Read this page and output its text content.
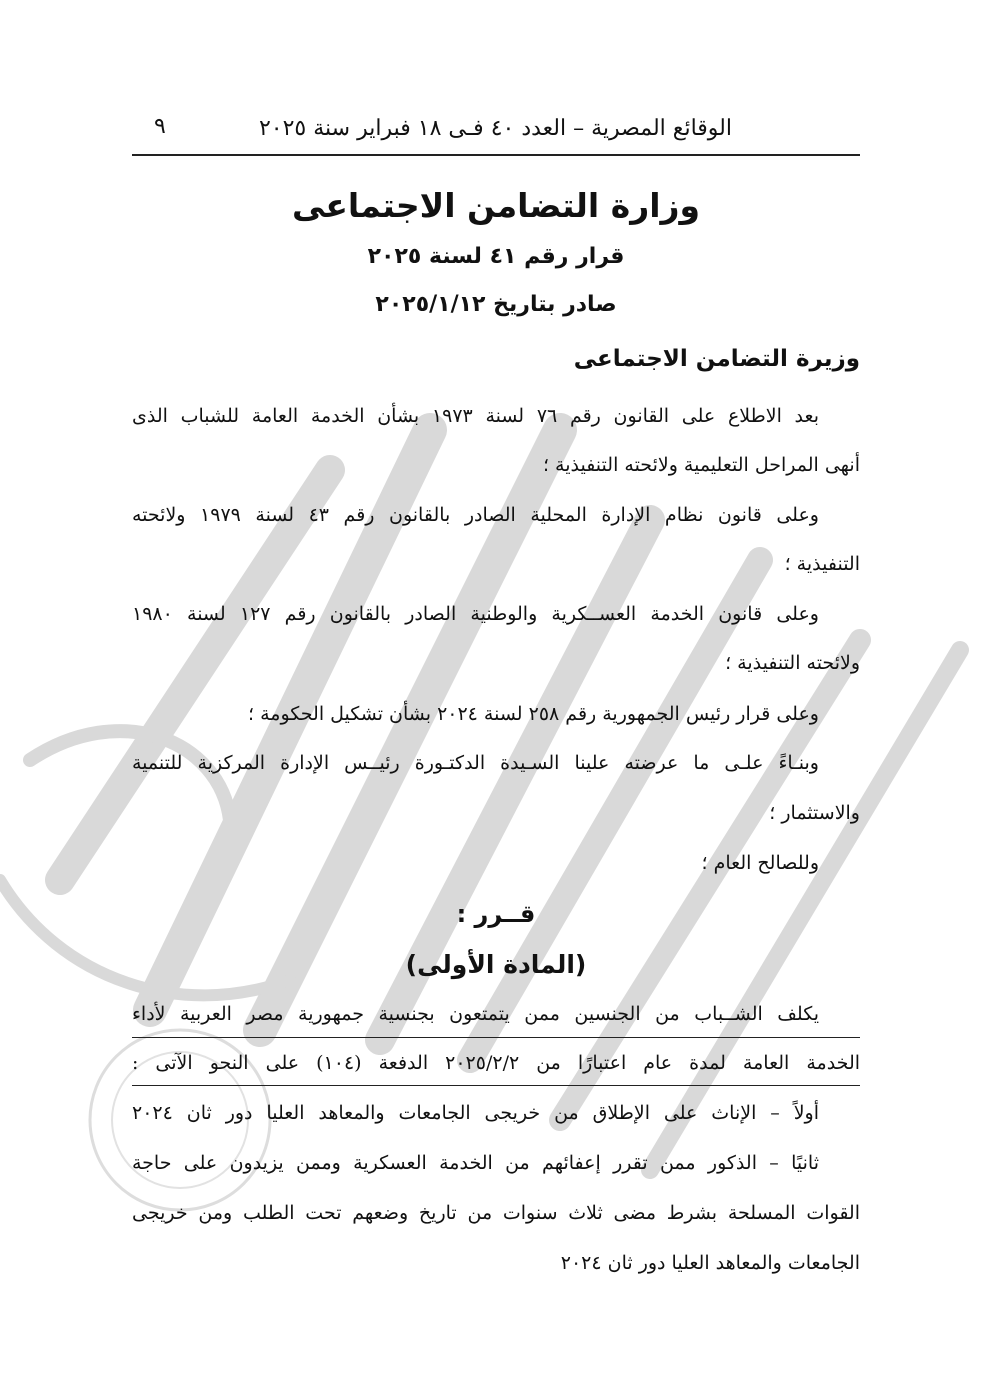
الوقائع المصرية – العدد ٤٠ فـى ١٨ فبراير سنة ٢٠٢٥
٩
وزارة التضامن الاجتماعى
قرار رقم ٤١ لسنة ٢٠٢٥
صادر بتاريخ ٢٠٢٥/١/١٢
وزيرة التضامن الاجتماعى
بعد الاطلاع على القانون رقم ٧٦ لسنة ١٩٧٣ بشأن الخدمة العامة للشباب الذى
أنهى المراحل التعليمية ولائحته التنفيذية ؛
وعلى قانون نظام الإدارة المحلية الصادر بالقانون رقم ٤٣ لسنة ١٩٧٩ ولائحته
التنفيذية ؛
وعلى قانون الخدمة العســكرية والوطنية الصادر بالقانون رقم ١٢٧ لسنة ١٩٨٠
ولائحته التنفيذية ؛
وعلى قرار رئيس الجمهورية رقم ٢٥٨ لسنة ٢٠٢٤ بشأن تشكيل الحكومة ؛
وبنـاءً علـى ما عرضته علينا السـيدة الدكتـورة رئيــس الإدارة المركزية للتنمية
والاستثمار ؛
وللصالح العام ؛
قــرر :
(المادة الأولى)
يكلف الشــباب من الجنسين ممن يتمتعون بجنسية جمهورية مصر العربية لأداء
الخدمة العامة لمدة عام اعتبارًا من ٢٠٢٥/٢/٢ الدفعة (١٠٤) على النحو الآتى :
أولاً – الإناث على الإطلاق من خريجى الجامعات والمعاهد العليا دور ثان ٢٠٢٤
ثانيًا – الذكور ممن تقرر إعفائهم من الخدمة العسكرية وممن يزيدون على حاجة
القوات المسلحة بشرط مضى ثلاث سنوات من تاريخ وضعهم تحت الطلب ومن خريجى
الجامعات والمعاهد العليا دور ثان ٢٠٢٤
